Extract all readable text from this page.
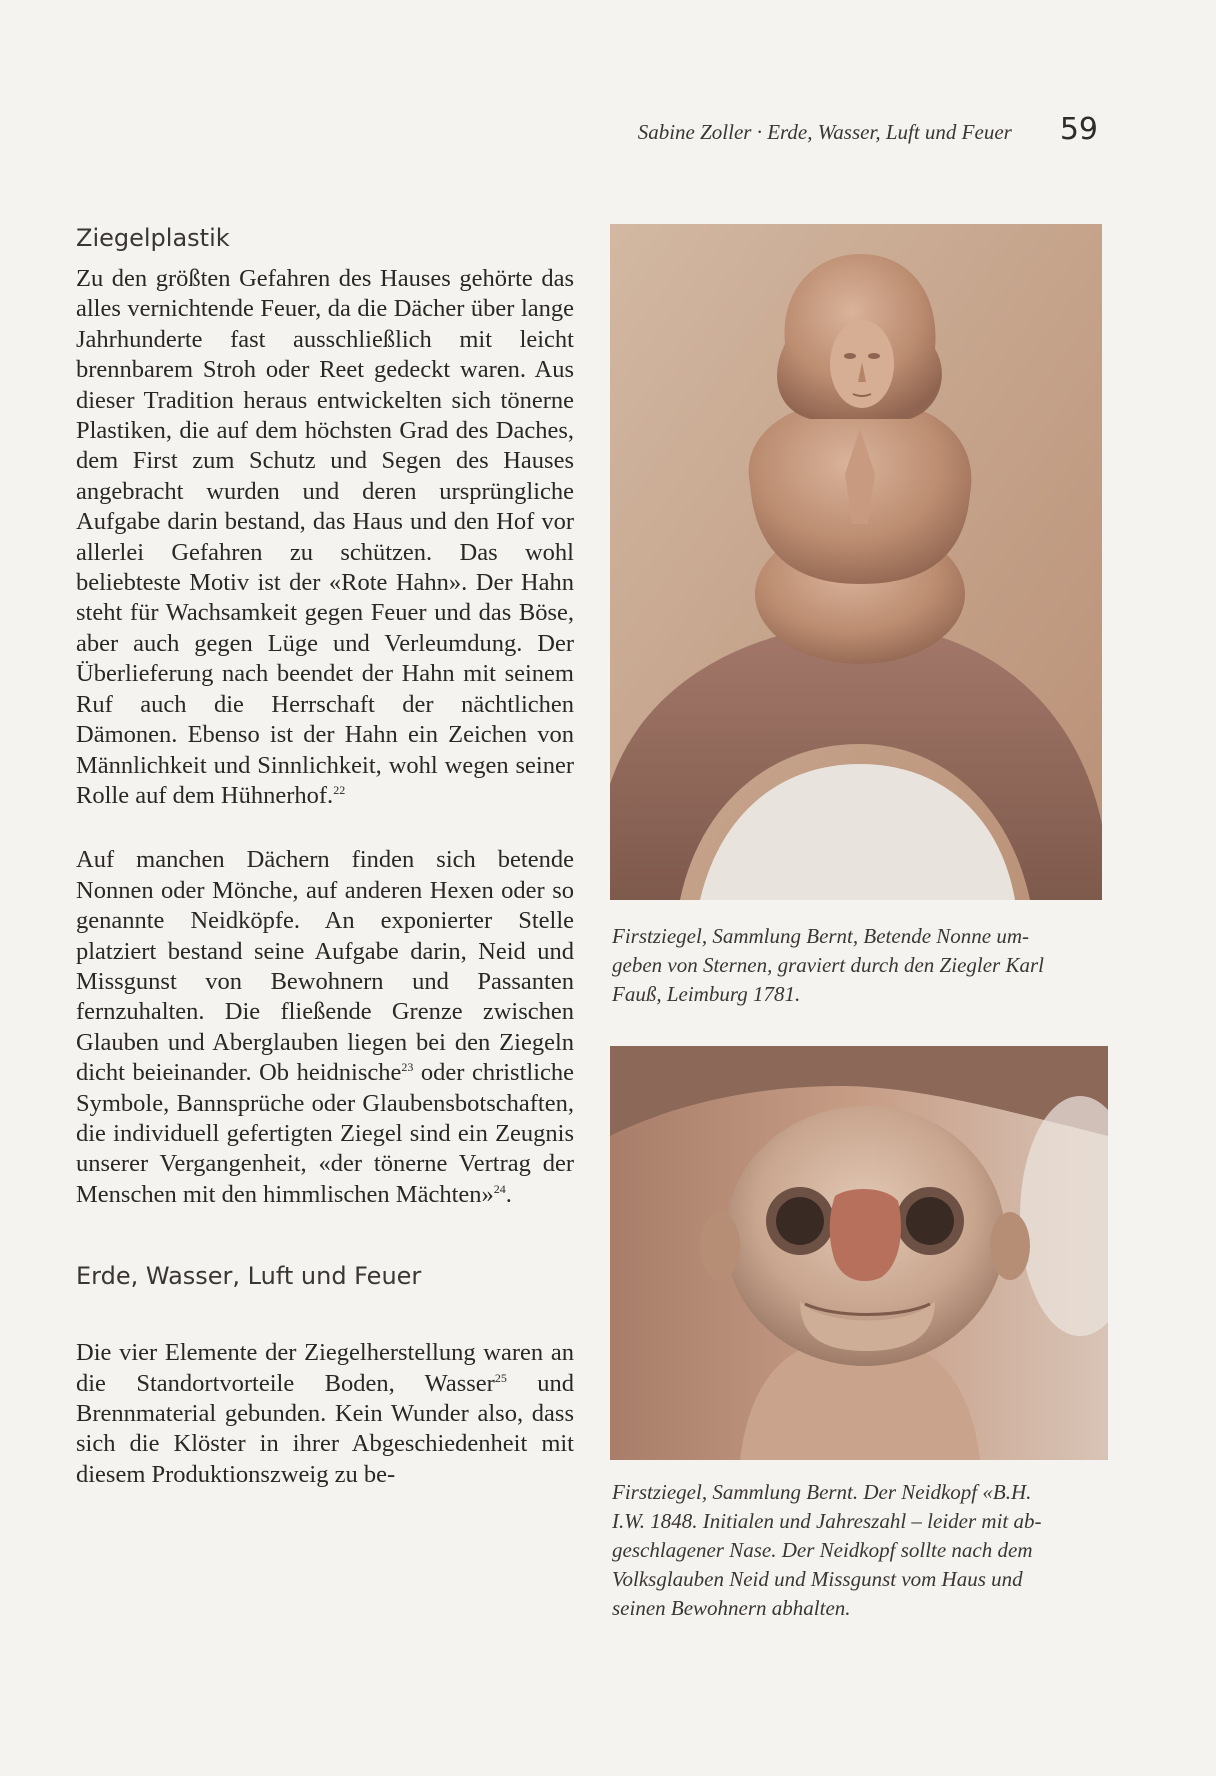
Sabine Zoller · Erde, Wasser, Luft und Feuer 59
Ziegelplastik

Zu den größten Gefahren des Hauses gehörte das alles vernichtende Feuer, da die Dächer über lange Jahrhunderte fast ausschließlich mit leicht brennbarem Stroh oder Reet gedeckt waren. Aus dieser Tradition heraus entwickelten sich tönerne Plastiken, die auf dem höchsten Grad des Daches, dem First zum Schutz und Segen des Hauses angebracht wurden und deren ursprüngliche Aufgabe darin bestand, das Haus und den Hof vor allerlei Gefahren zu schützen. Das wohl beliebteste Motiv ist der «Rote Hahn». Der Hahn steht für Wachsamkeit gegen Feuer und das Böse, aber auch gegen Lüge und Verleumdung. Der Überlieferung nach beendet der Hahn mit seinem Ruf auch die Herrschaft der nächtlichen Dämonen. Ebenso ist der Hahn ein Zeichen von Männlichkeit und Sinnlichkeit, wohl wegen seiner Rolle auf dem Hühnerhof.$^{22}$

Auf manchen Dächern finden sich betende Nonnen oder Mönche, auf anderen Hexen oder so genannte Neidköpfe. An exponierter Stelle platziert bestand seine Aufgabe darin, Neid und Missgunst von Bewohnern und Passanten fernzuhalten. Die fließende Grenze zwischen Glauben und Aberglauben liegen bei den Ziegeln dicht beieinander. Ob heidnische$^{23}$ oder christliche Symbole, Bannsprüche oder Glaubensbotschaften, die individuell gefertigten Ziegel sind ein Zeugnis unserer Vergangenheit, «der tönerne Vertrag der Menschen mit den himmlischen Mächten»$^{24}$.

Erde, Wasser, Luft und Feuer

Die vier Elemente der Ziegelherstellung waren an die Standortvorteile Boden, Wasser$^{25}$ und Brennmaterial gebunden. Kein Wunder also, dass sich die Klöster in ihrer Abgeschiedenheit mit diesem Produktionszweig zu be-

Firstziegel, Sammlung Bernt, Betende Nonne um-
geben von Sternen, graviert durch den Ziegler Karl
Fauß, Leimburg 1781.

Firstziegel, Sammlung Bernt. Der Neidkopf «B.H.
I.W. 1848. Initialen und Jahreszahl – leider mit ab-
geschlagener Nase. Der Neidkopf sollte nach dem
Volksglauben Neid und Missgunst vom Haus und
seinen Bewohnern abhalten.
